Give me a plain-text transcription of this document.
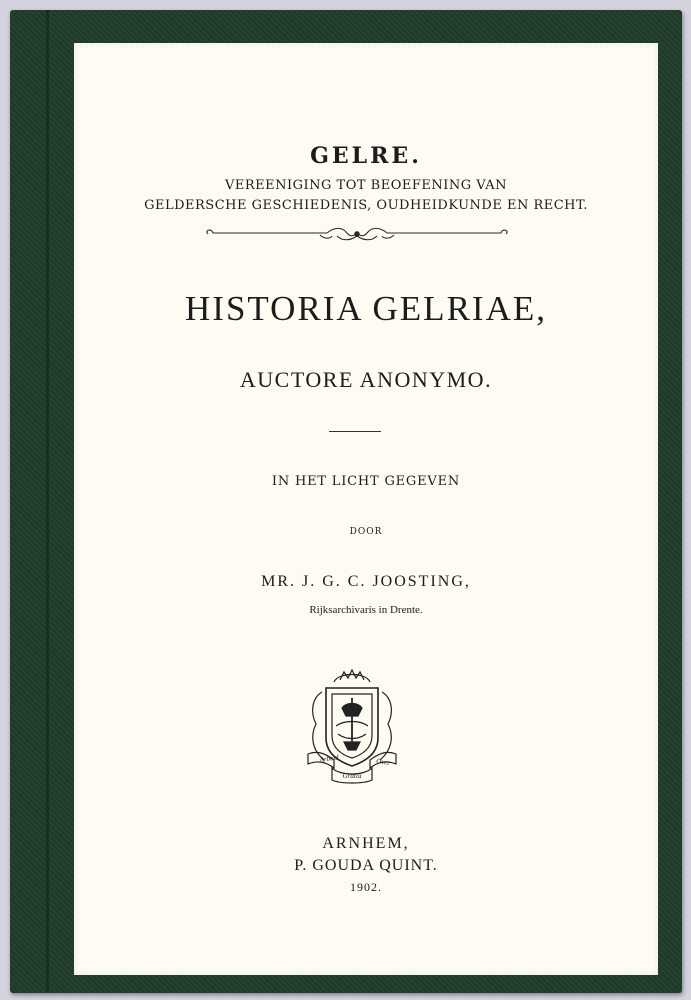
GELRE.
VEREENIGING TOT BEOEFENING VAN
GELDERSCHE GESCHIEDENIS, OUDHEIDKUNDE EN RECHT.
HISTORIA GELRIAE,
AUCTORE ANONYMO.
IN HET LICHT GEGEVEN
DOOR
MR. J. G. C. JOOSTING,
Rijksarchivaris in Drente.
Arbeid
Gratia
Ovet
ARNHEM,
P. GOUDA QUINT.
1902.
